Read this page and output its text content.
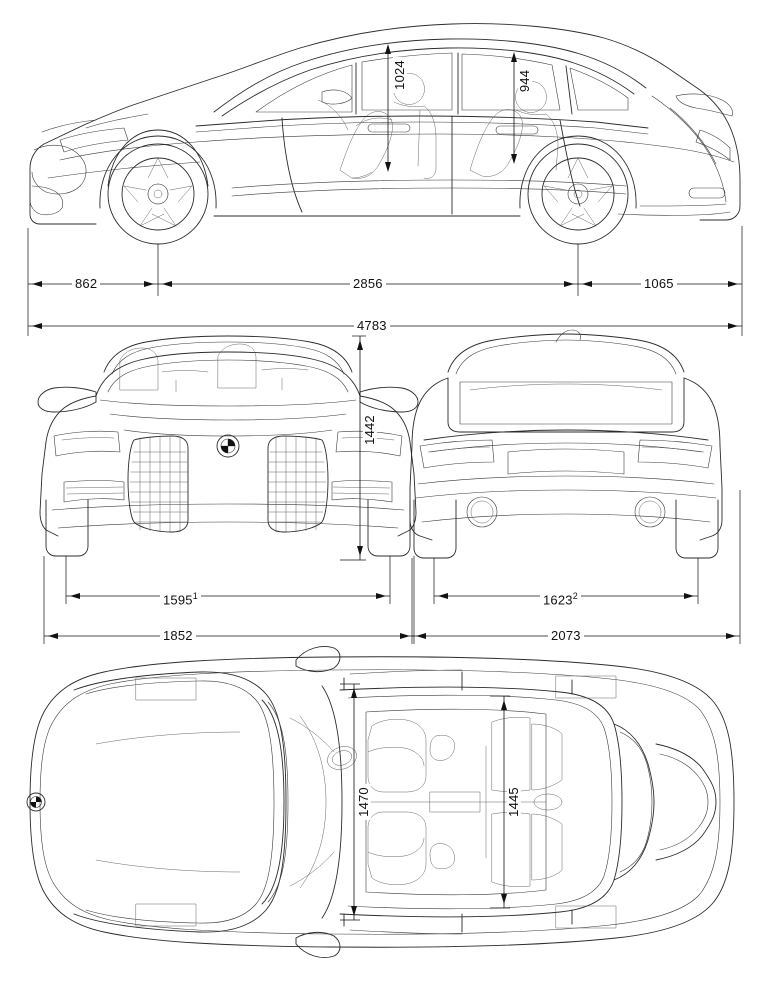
862	2856	1065
4783
1024	944
1442
1595$^1$
1852
1623$^2$
2073
1470	1445
